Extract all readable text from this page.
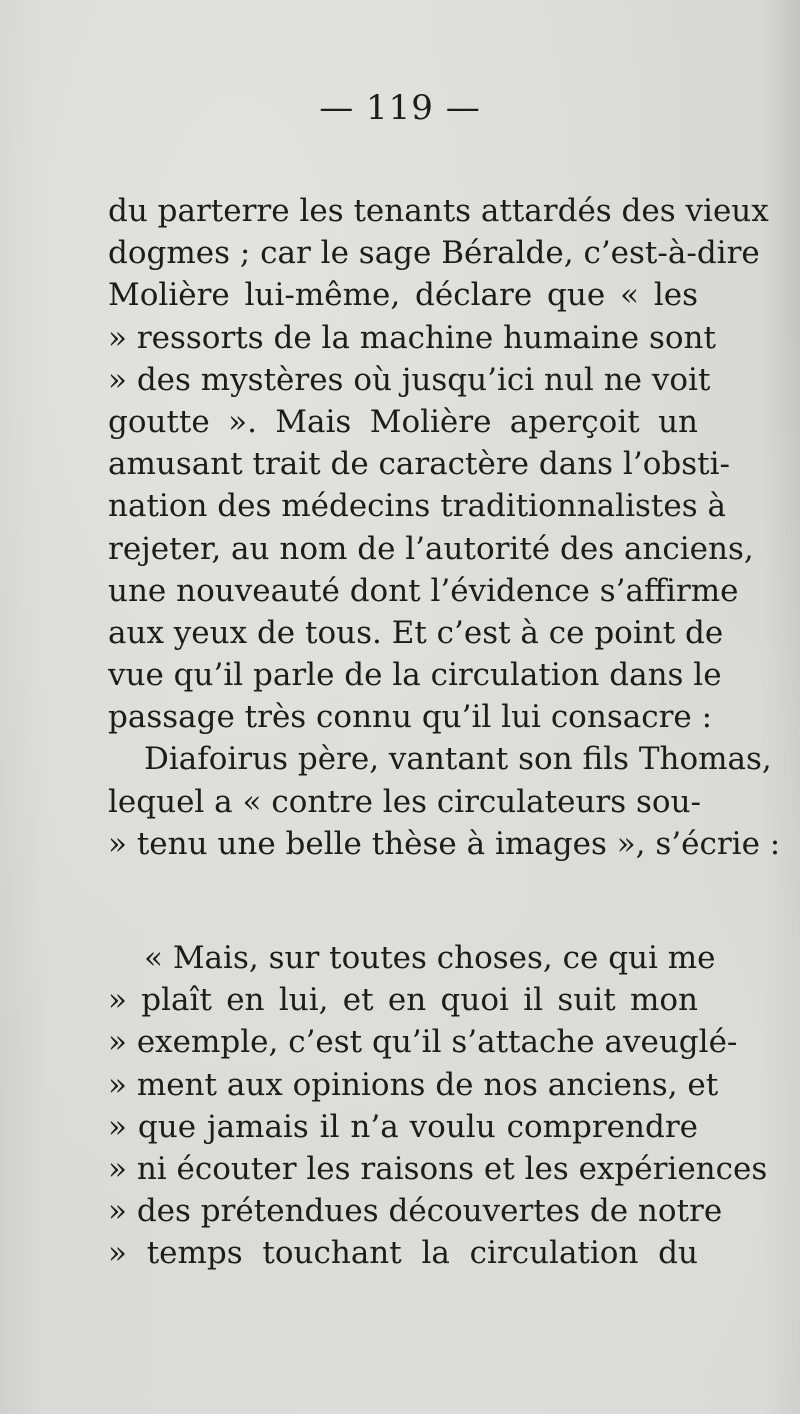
— 119 —
du parterre les tenants attardés des vieux
dogmes ; car le sage Béralde, c’est-à-dire
Molière lui-même, déclare que « les
» ressorts de la machine humaine sont
» des mystères où jusqu’ici nul ne voit
goutte ». Mais Molière aperçoit un
amusant trait de caractère dans l’obsti-
nation des médecins traditionnalistes à
rejeter, au nom de l’autorité des anciens,
une nouveauté dont l’évidence s’affirme
aux yeux de tous. Et c’est à ce point de
vue qu’il parle de la circulation dans le
passage très connu qu’il lui consacre :
Diafoirus père, vantant son fils Thomas,
lequel a « contre les circulateurs sou-
» tenu une belle thèse à images », s’écrie :
« Mais, sur toutes choses, ce qui me
» plaît en lui, et en quoi il suit mon
» exemple, c’est qu’il s’attache aveuglé-
» ment aux opinions de nos anciens, et
» que jamais il n’a voulu comprendre
» ni écouter les raisons et les expériences
» des prétendues découvertes de notre
» temps touchant la circulation du
